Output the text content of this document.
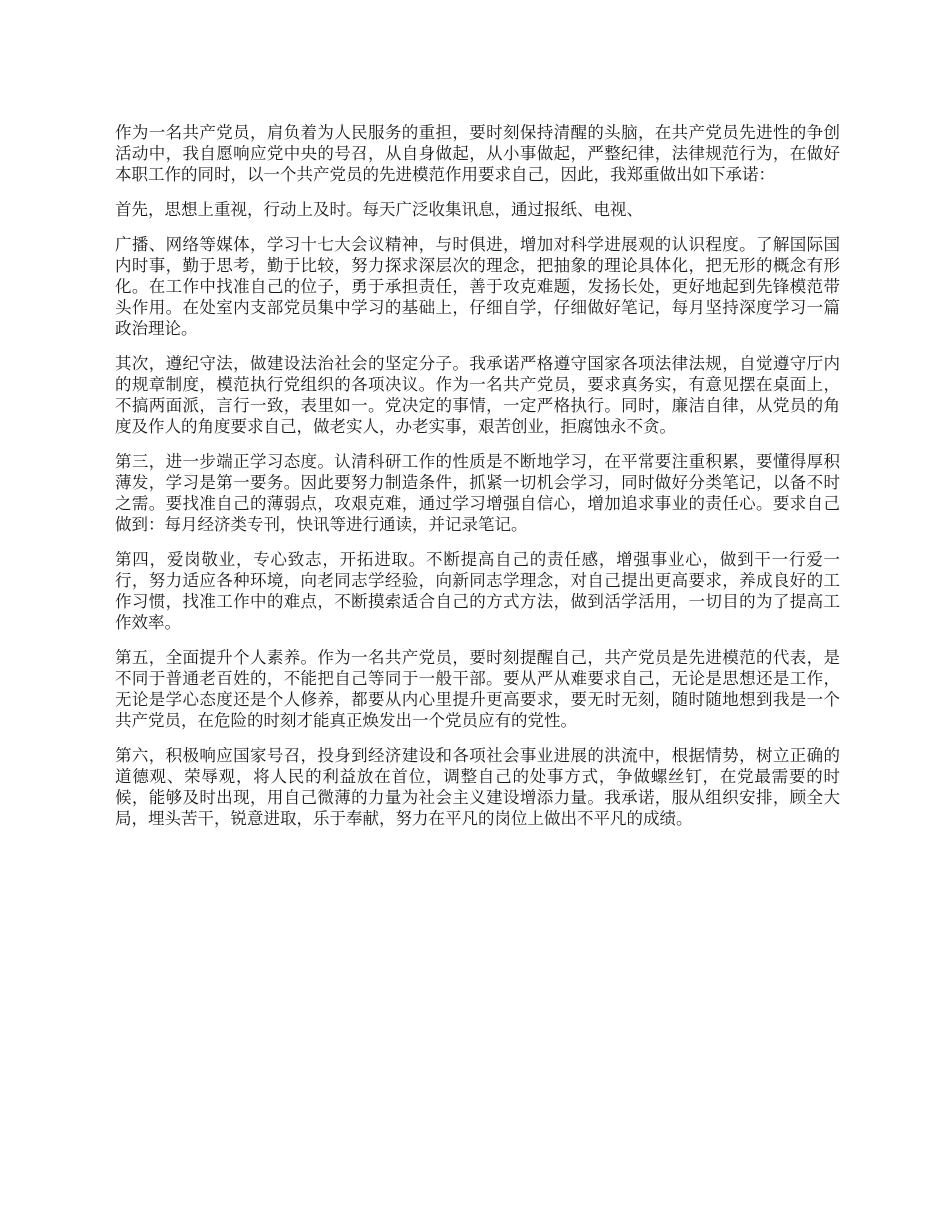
作为一名共产党员，肩负着为人民服务的重担，要时刻保持清醒的头脑，在共产党员先进性的争创活动中，我自愿响应党中央的号召，从自身做起，从小事做起，严整纪律，法律规范行为，在做好本职工作的同时，以一个共产党员的先进模范作用要求自己，因此，我郑重做出如下承诺：

首先，思想上重视，行动上及时。每天广泛收集讯息，通过报纸、电视、

广播、网络等媒体，学习十七大会议精神，与时俱进，增加对科学进展观的认识程度。了解国际国内时事，勤于思考，勤于比较，努力探求深层次的理念，把抽象的理论具体化，把无形的概念有形化。在工作中找准自己的位子，勇于承担责任，善于攻克难题，发扬长处，更好地起到先锋模范带头作用。在处室内支部党员集中学习的基础上，仔细自学，仔细做好笔记，每月坚持深度学习一篇政治理论。

其次，遵纪守法，做建设法治社会的坚定分子。我承诺严格遵守国家各项法律法规，自觉遵守厅内的规章制度，模范执行党组织的各项决议。作为一名共产党员，要求真务实，有意见摆在桌面上，不搞两面派，言行一致，表里如一。党决定的事情，一定严格执行。同时，廉洁自律，从党员的角度及作人的角度要求自己，做老实人，办老实事，艰苦创业，拒腐蚀永不贪。

第三，进一步端正学习态度。认清科研工作的性质是不断地学习，在平常要注重积累，要懂得厚积薄发，学习是第一要务。因此要努力制造条件，抓紧一切机会学习，同时做好分类笔记，以备不时之需。要找准自己的薄弱点，攻艰克难，通过学习增强自信心，增加追求事业的责任心。要求自己做到：每月经济类专刊，快讯等进行通读，并记录笔记。

第四，爱岗敬业，专心致志，开拓进取。不断提高自己的责任感，增强事业心，做到干一行爱一行，努力适应各种环境，向老同志学经验，向新同志学理念，对自己提出更高要求，养成良好的工作习惯，找准工作中的难点，不断摸索适合自己的方式方法，做到活学活用，一切目的为了提高工作效率。

第五，全面提升个人素养。作为一名共产党员，要时刻提醒自己，共产党员是先进模范的代表，是不同于普通老百姓的，不能把自己等同于一般干部。要从严从难要求自己，无论是思想还是工作，无论是学心态度还是个人修养，都要从内心里提升更高要求，要无时无刻，随时随地想到我是一个共产党员，在危险的时刻才能真正焕发出一个党员应有的党性。

第六，积极响应国家号召，投身到经济建设和各项社会事业进展的洪流中，根据情势，树立正确的道德观、荣辱观，将人民的利益放在首位，调整自己的处事方式，争做螺丝钉，在党最需要的时候，能够及时出现，用自己微薄的力量为社会主义建设增添力量。我承诺，服从组织安排，顾全大局，埋头苦干，锐意进取，乐于奉献，努力在平凡的岗位上做出不平凡的成绩。
